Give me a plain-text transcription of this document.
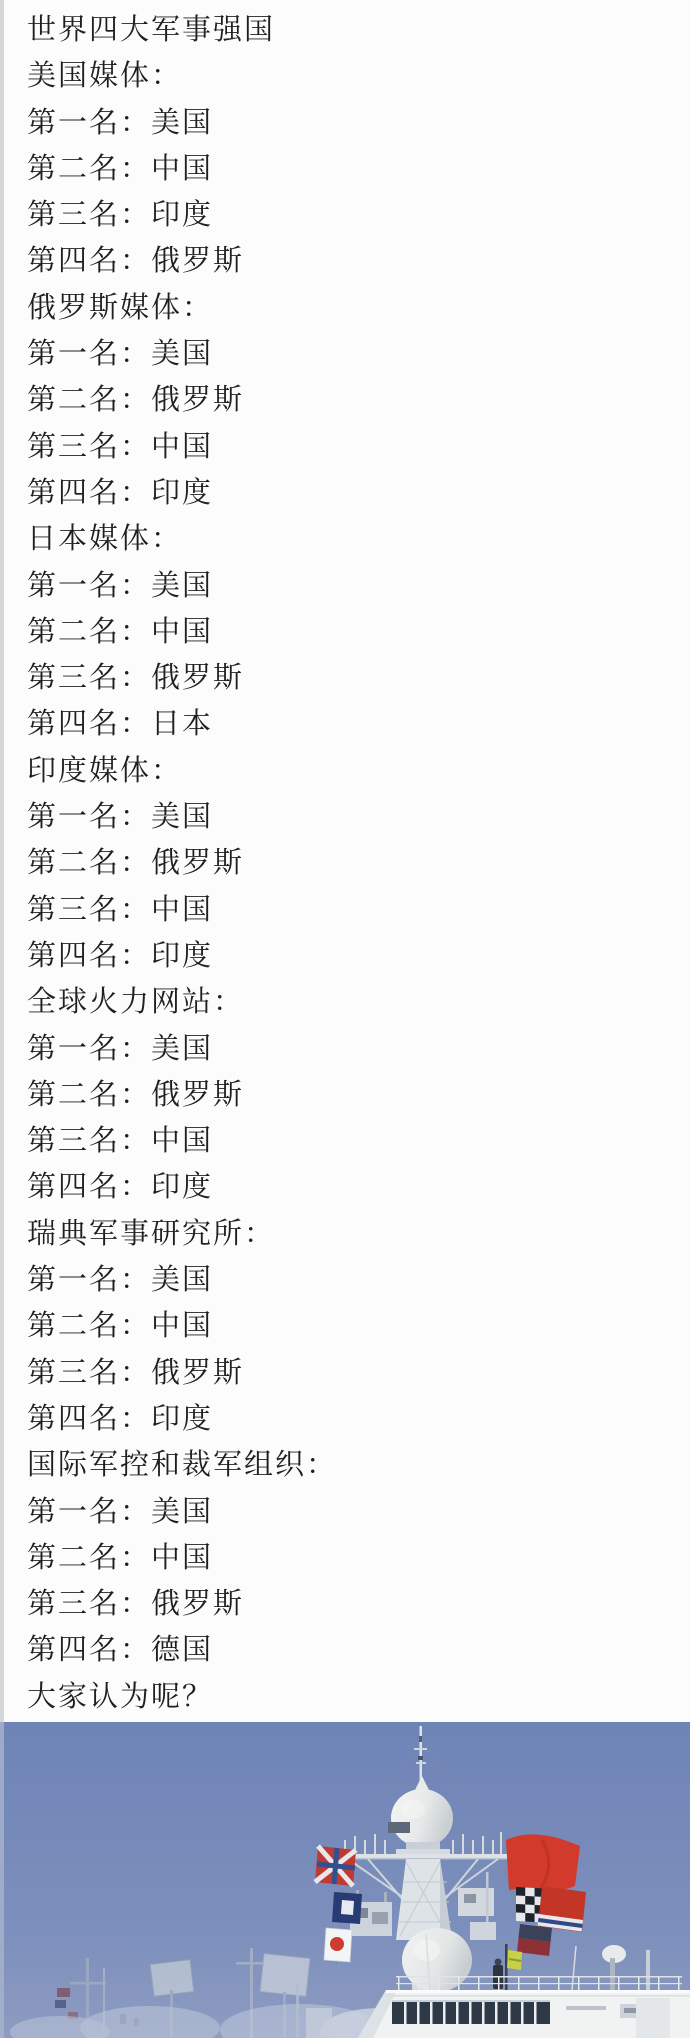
世界四大军事强国
美国媒体：
第一名：美国
第二名：中国
第三名：印度
第四名：俄罗斯
俄罗斯媒体：
第一名：美国
第二名：俄罗斯
第三名：中国
第四名：印度
日本媒体：
第一名：美国
第二名：中国
第三名：俄罗斯
第四名：日本
印度媒体：
第一名：美国
第二名：俄罗斯
第三名：中国
第四名：印度
全球火力网站：
第一名：美国
第二名：俄罗斯
第三名：中国
第四名：印度
瑞典军事研究所：
第一名：美国
第二名：中国
第三名：俄罗斯
第四名：印度
国际军控和裁军组织：
第一名：美国
第二名：中国
第三名：俄罗斯
第四名：德国
大家认为呢？
